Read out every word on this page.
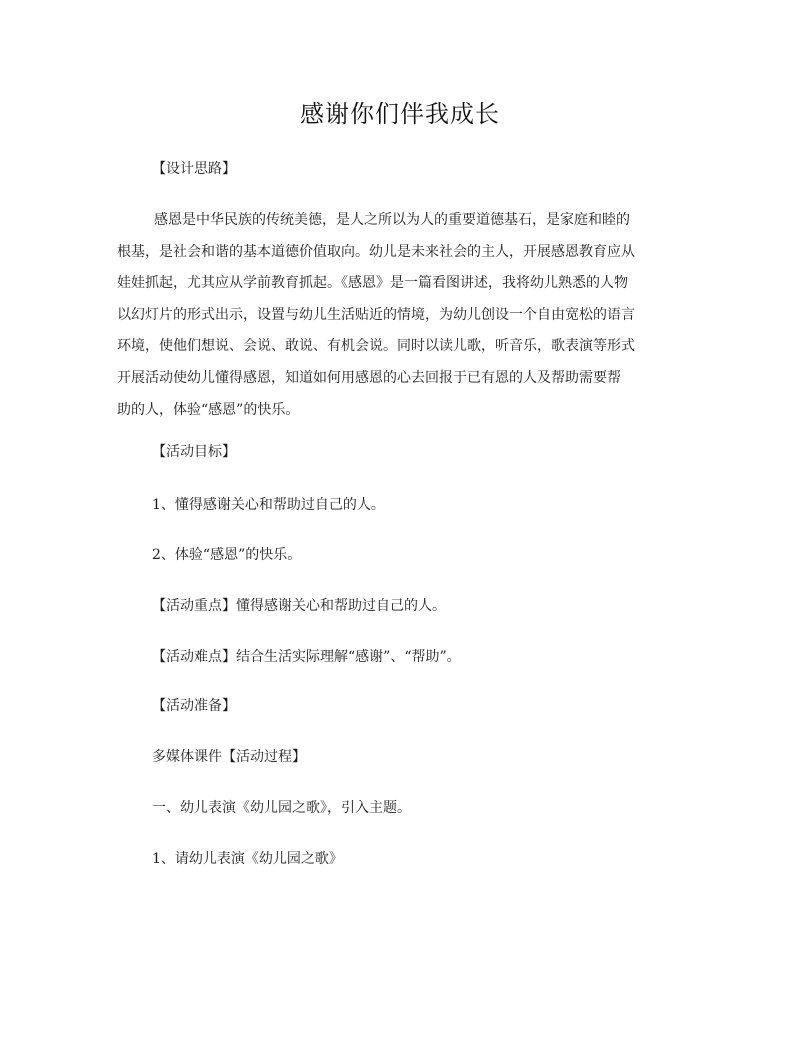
感谢你们伴我成长
【设计思路】
感恩是中华民族的传统美德，是人之所以为人的重要道德基石，是家庭和睦的
根基，是社会和谐的基本道德价值取向。幼儿是未来社会的主人，开展感恩教育应从
娃娃抓起，尤其应从学前教育抓起。《感恩》是一篇看图讲述，我将幼儿熟悉的人物
以幻灯片的形式出示，设置与幼儿生活贴近的情境，为幼儿创设一个自由宽松的语言
环境，使他们想说、会说、敢说、有机会说。同时以读儿歌，听音乐，歌表演等形式
开展活动使幼儿懂得感恩，知道如何用感恩的心去回报于已有恩的人及帮助需要帮
助的人，体验“感恩”的快乐。
【活动目标】
1、懂得感谢关心和帮助过自己的人。
2、体验“感恩”的快乐。
【活动重点】懂得感谢关心和帮助过自己的人。
【活动难点】结合生活实际理解“感谢”、“帮助”。
【活动准备】
多媒体课件【活动过程】
一、幼儿表演《幼儿园之歌》，引入主题。
1、请幼儿表演《幼儿园之歌》
